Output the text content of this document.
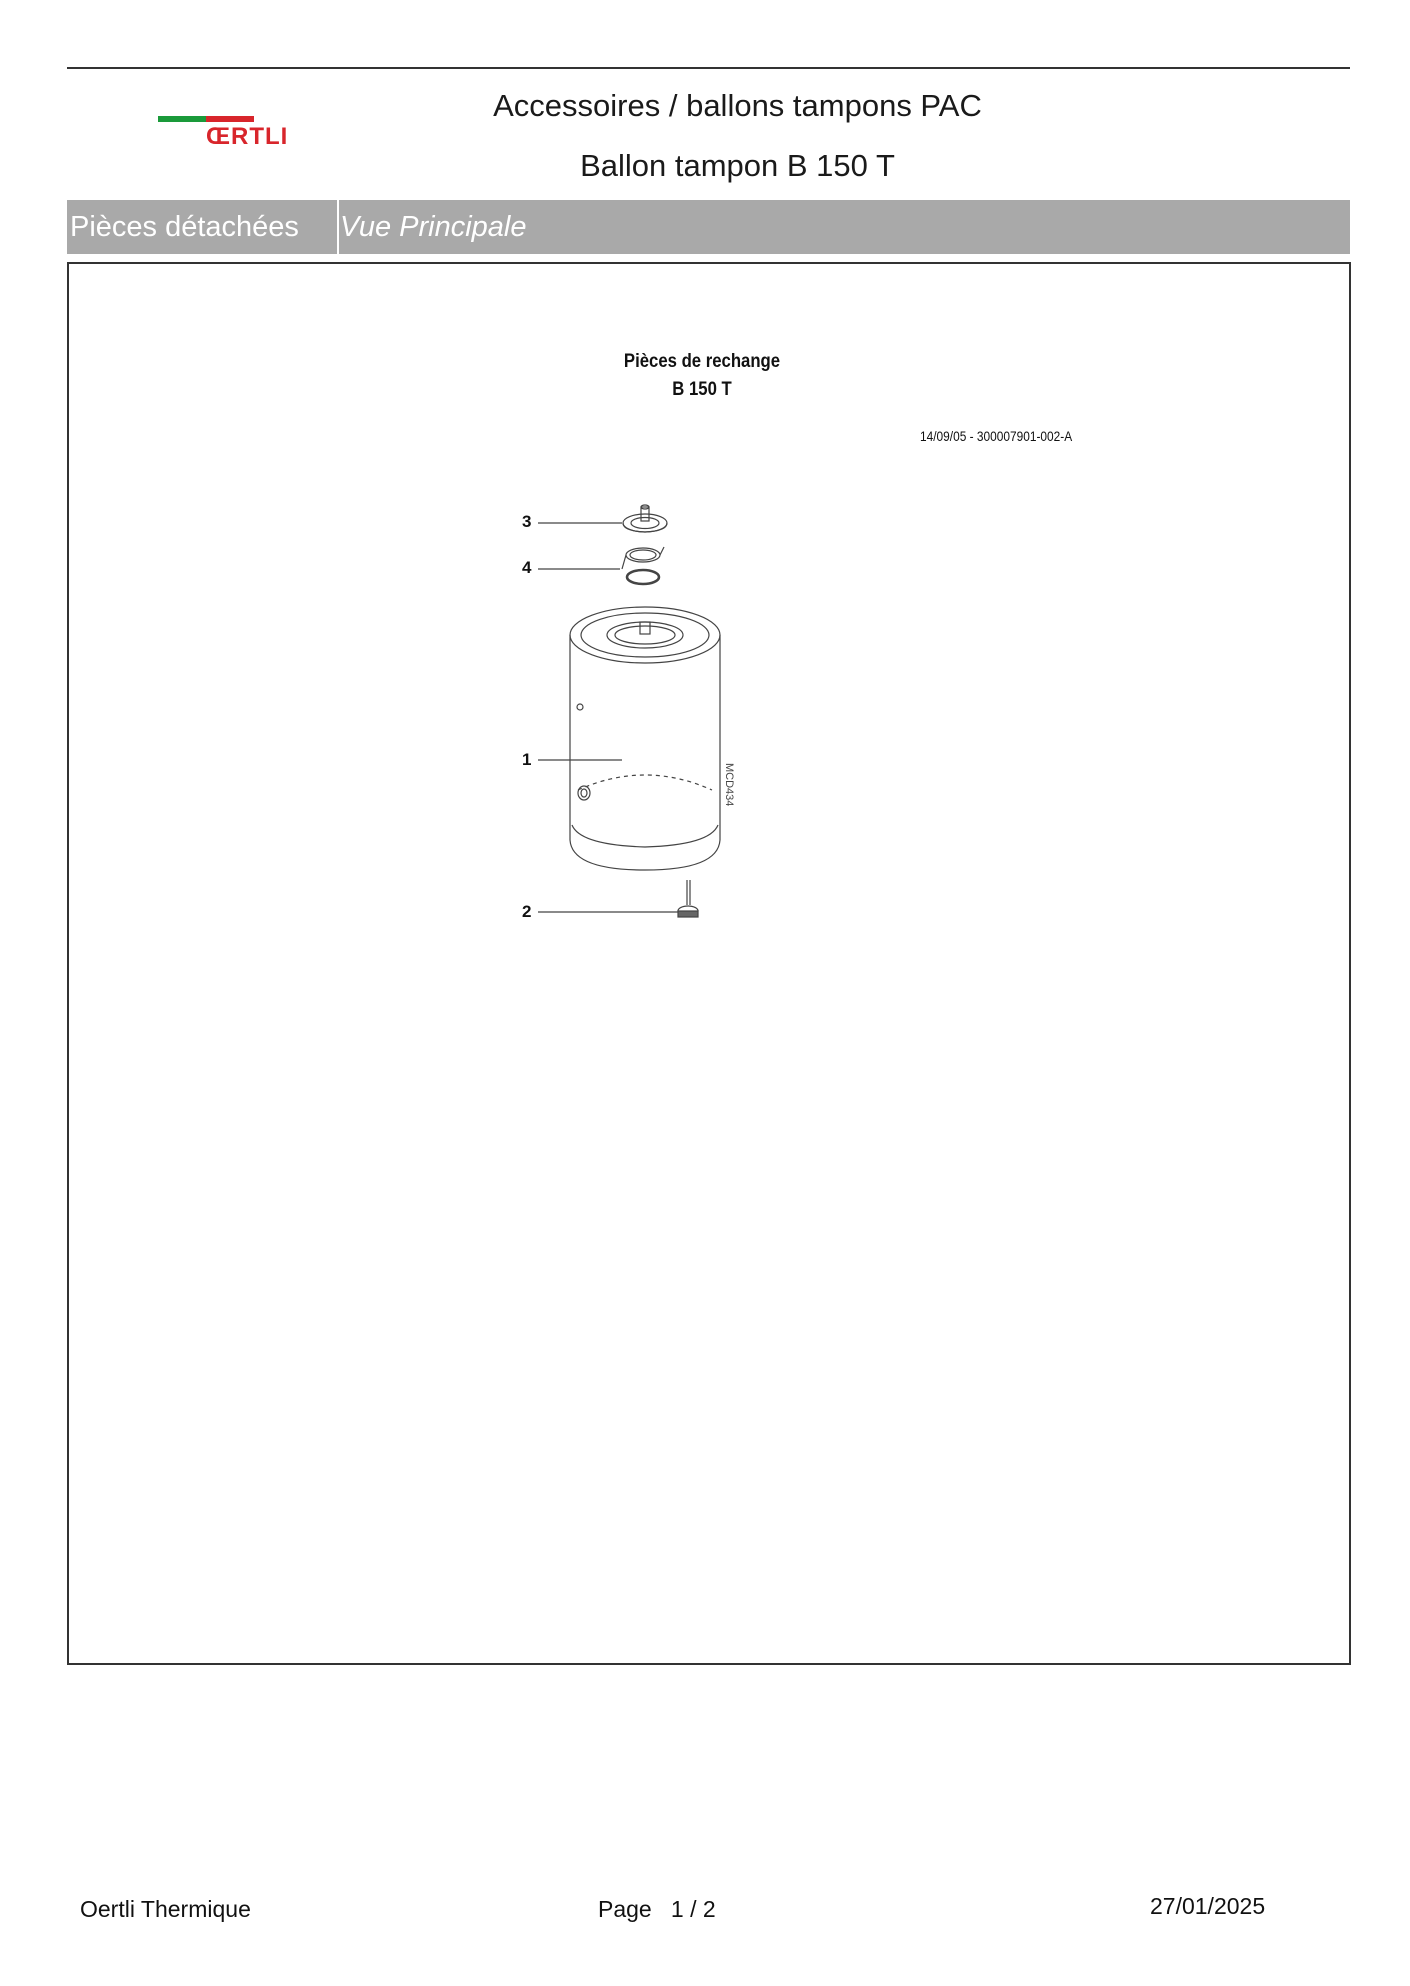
ŒRTLI
Accessoires / ballons tampons PAC
Ballon tampon B 150 T
Pièces détachées	Vue Principale
Pièces de rechange
B 150 T
14/09/05 - 300007901-002-A
3
4
1
2
MCD434
Oertli Thermique	Page 1 / 2	27/01/2025
